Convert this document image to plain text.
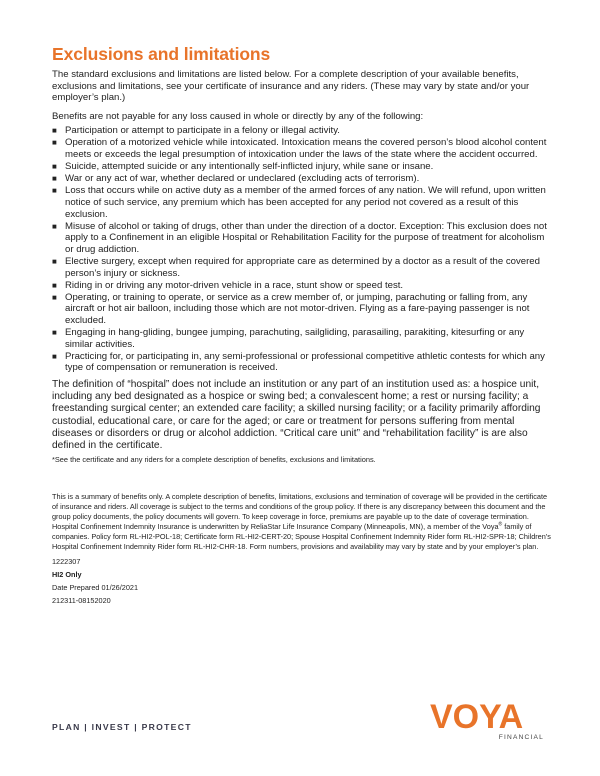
Exclusions and limitations

The standard exclusions and limitations are listed below. For a complete description of your available benefits, exclusions and limitations, see your certificate of insurance and any riders. (These may vary by state and/or your employer’s plan.)

Benefits are not payable for any loss caused in whole or directly by any of the following:

■ Participation or attempt to participate in a felony or illegal activity.
■ Operation of a motorized vehicle while intoxicated. Intoxication means the covered person’s blood alcohol content meets or exceeds the legal presumption of intoxication under the laws of the state where the accident occurred.
■ Suicide, attempted suicide or any intentionally self-inflicted injury, while sane or insane.
■ War or any act of war, whether declared or undeclared (excluding acts of terrorism).
■ Loss that occurs while on active duty as a member of the armed forces of any nation. We will refund, upon written notice of such service, any premium which has been accepted for any period not covered as a result of this exclusion.
■ Misuse of alcohol or taking of drugs, other than under the direction of a doctor. Exception: This exclusion does not apply to a Confinement in an eligible Hospital or Rehabilitation Facility for the purpose of treatment for alcoholism or drug addiction.
■ Elective surgery, except when required for appropriate care as determined by a doctor as a result of the covered person’s injury or sickness.
■ Riding in or driving any motor-driven vehicle in a race, stunt show or speed test.
■ Operating, or training to operate, or service as a crew member of, or jumping, parachuting or falling from, any aircraft or hot air balloon, including those which are not motor-driven. Flying as a fare-paying passenger is not excluded.
■ Engaging in hang-gliding, bungee jumping, parachuting, sailgliding, parasailing, parakiting, kitesurfing or any similar activities.
■ Practicing for, or participating in, any semi-professional or professional competitive athletic contests for which any type of compensation or remuneration is received.

The definition of “hospital” does not include an institution or any part of an institution used as: a hospice unit, including any bed designated as a hospice or swing bed; a convalescent home; a rest or nursing facility; a freestanding surgical center; an extended care facility; a skilled nursing facility; or a facility primarily affording custodial, educational care, or care for the aged; or care or treatment for persons suffering from mental diseases or disorders or drug or alcohol addiction. “Critical care unit” and “rehabilitation facility” is are also defined in the certificate.

*See the certificate and any riders for a complete description of benefits, exclusions and limitations.

This is a summary of benefits only. A complete description of benefits, limitations, exclusions and termination of coverage will be provided in the certificate of insurance and riders. All coverage is subject to the terms and conditions of the group policy. If there is any discrepancy between this document and the group policy documents, the policy documents will govern. To keep coverage in force, premiums are payable up to the date of coverage termination. Hospital Confinement Indemnity Insurance is underwritten by ReliaStar Life Insurance Company (Minneapolis, MN), a member of the Voya® family of companies. Policy form RL-HI2-POL-18; Certificate form RL-HI2-CERT-20; Spouse Hospital Confinement Indemnity Rider form RL-HI2-SPR-18; Children’s Hospital Confinement Indemnity Rider form RL-HI2-CHR-18. Form numbers, provisions and availability may vary by state and by your employer’s plan.

1222307

HI2 Only

Date Prepared 01/26/2021

212311-08152020

PLAN | INVEST | PROTECT	VOYA
FINANCIAL
